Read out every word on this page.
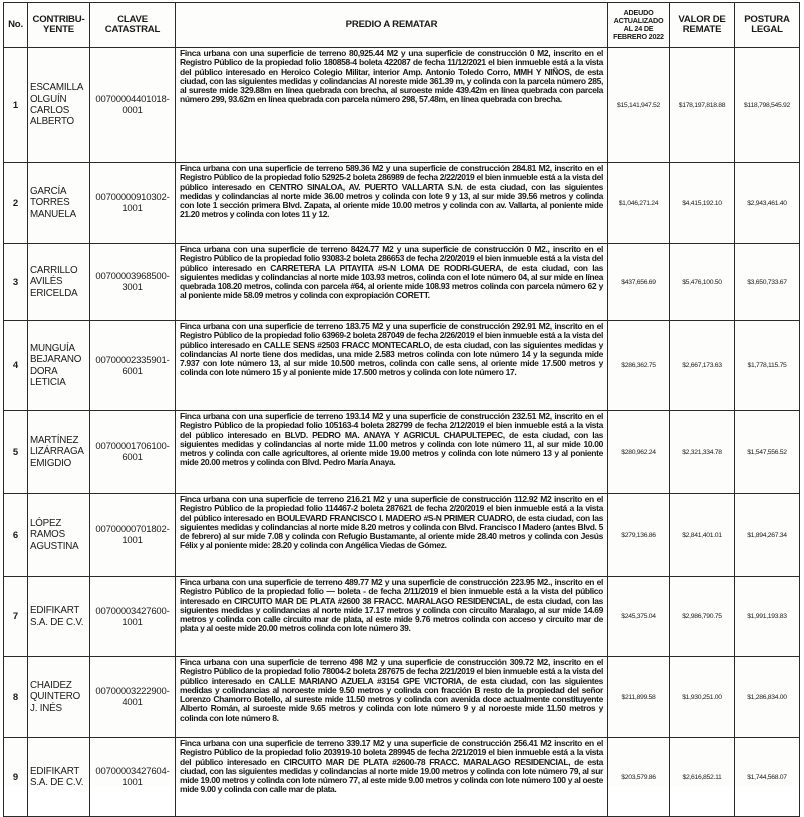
No.	CONTRIBU-YENTE	CLAVE CATASTRAL	PREDIO A REMATAR	ADEUDO ACTUALIZADO AL 24 DE FEBRERO 2022	VALOR DE REMATE	POSTURA LEGAL
1	ESCAMILLA OLGUÍN CARLOS ALBERTO	00700004401018-0001	Finca urbana con una superficie de terreno 80,925.44 M2 y una superficie de construcción 0 M2, inscrito en el Registro Público de la propiedad folio 180858-4 boleta 422087 de fecha 11/12/2021 el bien inmueble está a la vista del público interesado en Heroico Colegio Militar, interior Amp. Antonio Toledo Corro, MMH Y NIÑOS, de esta ciudad, con las siguientes medidas y colindancias Al noreste mide 361.39 m, y colinda con la parcela número 285, al sureste mide 329.88m en línea quebrada con brecha, al suroeste mide 439.42m en línea quebrada con parcela número 299, 93.62m en línea quebrada con parcela número 298, 57.48m, en línea quebrada con brecha.	$15,141,947.52	$178,197,818.88	$118,798,545.92
2	GARCÍA TORRES MANUELA	00700000910302-1001	Finca urbana con una superficie de terreno 589.36 M2 y una superficie de construcción 284.81 M2, inscrito en el Registro Público de la propiedad folio 52925-2 boleta 286989 de fecha 2/22/2019 el bien inmueble está a la vista del público interesado en CENTRO SINALOA, AV. PUERTO VALLARTA S.N. de esta ciudad, con las siguientes medidas y colindancias al norte mide 36.00 metros y colinda con lote 9 y 13, al sur mide 39.56 metros y colinda con lote 1 sección primera Blvd. Zapata, al oriente mide 10.00 metros y colinda con av. Vallarta, al poniente mide 21.20 metros y colinda con lotes 11 y 12.	$1,046,271.24	$4,415,192.10	$2,943,461.40
3	CARRILLO AVILÉS ERICELDA	00700003968500-3001	Finca urbana con una superficie de terreno 8424.77 M2 y una superficie de construcción 0 M2., inscrito en el Registro Público de la propiedad folio 93083-2 boleta 286653 de fecha 2/20/2019 el bien inmueble está a la vista del público interesado en CARRETERA LA PITAYITA #S-N LOMA DE RODRI-GUERA, de esta ciudad, con las siguientes medidas y colindancias al norte mide 103.93 metros, colinda con el lote número 04, al sur mide en línea quebrada 108.20 metros, colinda con parcela #64, al oriente mide 108.93 metros colinda con parcela número 62 y al poniente mide 58.09 metros y colinda con expropiación CORETT.	$437,656.69	$5,476,100.50	$3,650,733.67
4	MUNGUÍA BEJARANO DORA LETICIA	00700002335901-6001	Finca urbana con una superficie de terreno 183.75 M2 y una superficie de construcción 292.91 M2, inscrito en el Registro Público de la propiedad folio 63969-2 boleta 287049 de fecha 2/26/2019 el bien inmueble está a la vista del público interesado en CALLE SENS #2503 FRACC MONTECARLO, de esta ciudad, con las siguientes medidas y colindancias Al norte tiene dos medidas, una mide 2.583 metros colinda con lote número 14 y la segunda mide 7.937 con lote número 13, al sur mide 10.500 metros, colinda con calle sens, al oriente mide 17.500 metros y colinda con lote número 15 y al poniente mide 17.500 metros y colinda con lote número 17.	$286,362.75	$2,667,173.63	$1,778,115.75
5	MARTÍNEZ LIZÁRRAGA EMIGDIO	00700001706100-6001	Finca urbana con una superficie de terreno 193.14 M2 y una superficie de construcción 232.51 M2, inscrito en el Registro Público de la propiedad folio 105163-4 boleta 282799 de fecha 2/12/2019 el bien inmueble está a la vista del público interesado en BLVD. PEDRO MA. ANAYA Y AGRICUL CHAPULTEPEC, de esta ciudad, con las siguientes medidas y colindancias al norte mide 11.00 metros y colinda con lote número 11, al sur mide 10.00 metros y colinda con calle agricultores, al oriente mide 19.00 metros y colinda con lote número 13 y al poniente mide 20.00 metros y colinda con Blvd. Pedro María Anaya.	$280,962.24	$2,321,334.78	$1,547,556.52
6	LÓPEZ RAMOS AGUSTINA	00700000701802-1001	Finca urbana con una superficie de terreno 216.21 M2 y una superficie de construcción 112.92 M2 inscrito en el Registro Público de la propiedad folio 114467-2 boleta 287621 de fecha 2/20/2019 el bien inmueble está a la vista del público interesado en BOULEVARD FRANCISCO I. MADERO #S-N PRIMER CUADRO, de esta ciudad, con las siguientes medidas y colindancias al norte mide 8.20 metros y colinda con Blvd. Francisco I Madero (antes Blvd. 5 de febrero) al sur mide 7.08 y colinda con Refugio Bustamante, al oriente mide 28.40 metros y colinda con Jesús Félix y al poniente mide: 28.20 y colinda con Angélica Viedas de Gómez.	$279,136.86	$2,841,401.01	$1,894,267.34
7	EDIFIKART S.A. DE C.V.	00700003427600-1001	Finca urbana con una superficie de terreno 489.77 M2 y una superficie de construcción 223.95 M2., inscrito en el Registro Público de la propiedad folio — boleta - de fecha 2/11/2019 el bien inmueble está a la vista del público interesado en CIRCUITO MAR DE PLATA #2600 38 FRACC. MARALAGO RESIDENCIAL, de esta ciudad, con las siguientes medidas y colindancias al norte mide 17.17 metros y colinda con circuito Maralago, al sur mide 14.69 metros y colinda con calle circuito mar de plata, al este mide 9.76 metros colinda con acceso y circuito mar de plata y al oeste mide 20.00 metros colinda con lote número 39.	$245,375.04	$2,986,790.75	$1,991,193.83
8	CHAIDEZ QUINTERO J. INÉS	00700003222900-4001	Finca urbana con una superficie de terreno 498 M2 y una superficie de construcción 309.72 M2, inscrito en el Registro Público de la propiedad folio 78004-2 boleta 287675 de fecha 2/21/2019 el bien inmueble está a la vista del público interesado en CALLE MARIANO AZUELA #3154 GPE VICTORIA, de esta ciudad, con las siguientes medidas y colindancias al noroeste mide 9.50 metros y colinda con fracción B resto de la propiedad del señor Lorenzo Chamorro Botello, al sureste mide 11.50 metros y colinda con avenida doce actualmente constituyente Alberto Román, al suroeste mide 9.65 metros y colinda con lote número 9 y al noroeste mide 11.50 metros y colinda con lote número 8.	$211,899.58	$1,930,251.00	$1,286,834.00
9	EDIFIKART S.A. DE C.V.	00700003427604-1001	Finca urbana con una superficie de terreno 339.17 M2 y una superficie de construcción 256.41 M2 inscrito en el Registro Público de la propiedad folio 203919-10 boleta 289945 de fecha 2/21/2019 el bien inmueble está a la vista del público interesado en CIRCUITO MAR DE PLATA #2600-78 FRACC. MARALAGO RESIDENCIAL, de esta ciudad, con las siguientes medidas y colindancias al norte mide 19.00 metros y colinda con lote número 79, al sur mide 19.00 metros y colinda con lote número 77, al este mide 9.00 metros y colinda con lote número 100 y al oeste mide 9.00 y colinda con calle mar de plata.	$203,579.86	$2,616,852.11	$1,744,568.07
